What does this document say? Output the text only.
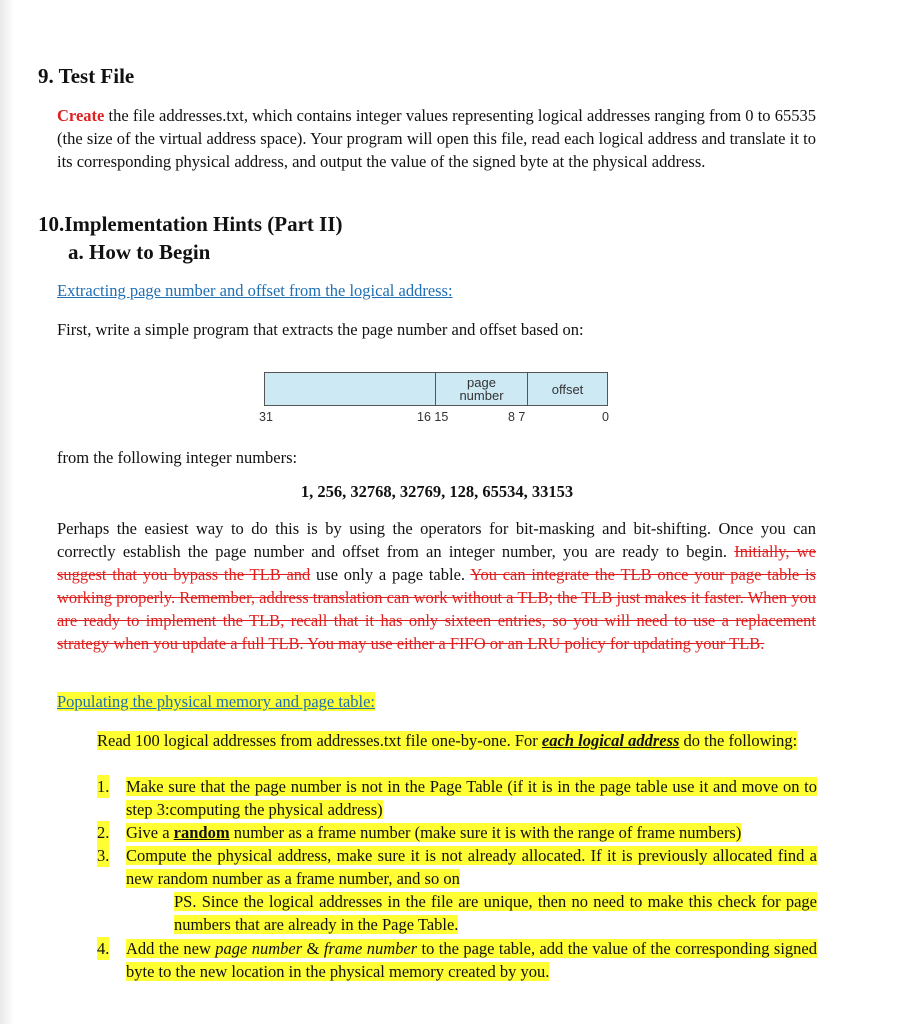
9. Test File
Create the file addresses.txt, which contains integer values representing logical addresses ranging from 0 to 65535 (the size of the virtual address space). Your program will open this file, read each logical address and translate it to its corresponding physical address, and output the value of the signed byte at the physical address.
10.Implementation Hints (Part II)
a. How to Begin
Extracting page number and offset from the logical address:
First, write a simple program that extracts the page number and offset based on:
page
number	offset
31	16 15	8 7	0
from the following integer numbers:
1, 256, 32768, 32769, 128, 65534, 33153
Perhaps the easiest way to do this is by using the operators for bit-masking and bit-shifting. Once you can correctly establish the page number and offset from an integer number, you are ready to begin. Initially, we suggest that you bypass the TLB and use only a page table. You can integrate the TLB once your page table is working properly. Remember, address translation can work without a TLB; the TLB just makes it faster. When you are ready to implement the TLB, recall that it has only sixteen entries, so you will need to use a replacement strategy when you update a full TLB. You may use either a FIFO or an LRU policy for updating your TLB.
Populating the physical memory and page table:
Read 100 logical addresses from addresses.txt file one-by-one. For each logical address do the following:
1. Make sure that the page number is not in the Page Table (if it is in the page table use it and move on to step 3:computing the physical address)
2. Give a random number as a frame number (make sure it is with the range of frame numbers)
3. Compute the physical address, make sure it is not already allocated. If it is previously allocated find a new random number as a frame number, and so on
PS. Since the logical addresses in the file are unique, then no need to make this check for page numbers that are already in the Page Table.
4. Add the new page number & frame number to the page table, add the value of the corresponding signed byte to the new location in the physical memory created by you.
